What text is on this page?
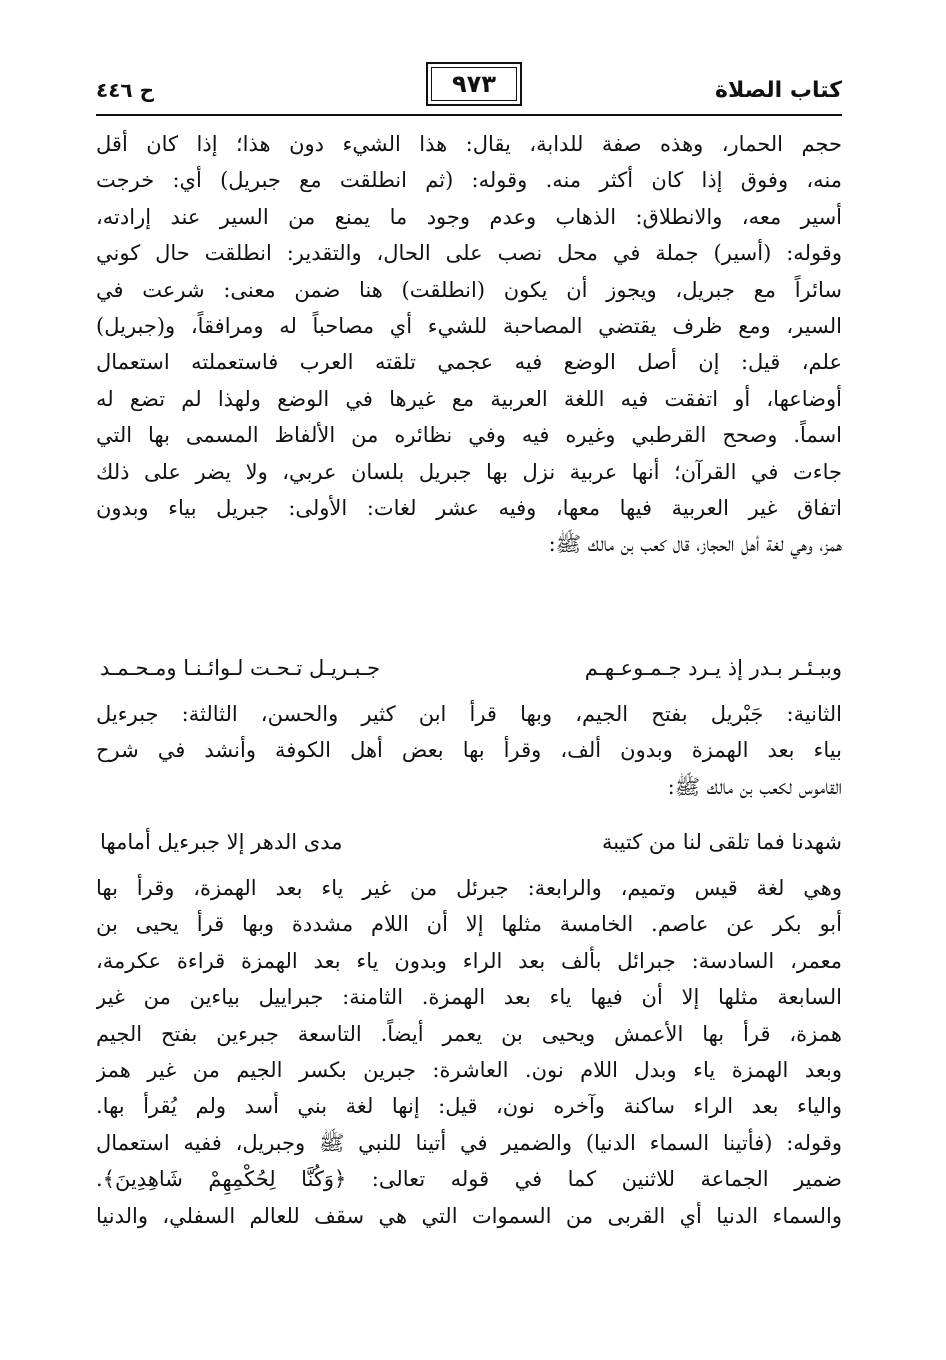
كتاب الصلاة
٩٧٣
ح ٤٤٦
حجم الحمار، وهذه صفة للدابة، يقال: هذا الشيء دون هذا؛ إذا كان أقل
منه، وفوق إذا كان أكثر منه. وقوله: (ثم انطلقت مع جبريل) أي: خرجت
أسير معه، والانطلاق: الذهاب وعدم وجود ما يمنع من السير عند إرادته،
وقوله: (أسير) جملة في محل نصب على الحال، والتقدير: انطلقت حال كوني
سائراً مع جبريل، ويجوز أن يكون (انطلقت) هنا ضمن معنى: شرعت في
السير، ومع ظرف يقتضي المصاحبة للشيء أي مصاحباً له ومرافقاً، و(جبريل)
علم، قيل: إن أصل الوضع فيه عجمي تلقته العرب فاستعملته استعمال
أوضاعها، أو اتفقت فيه اللغة العربية مع غيرها في الوضع ولهذا لم تضع له
اسماً. وصحح القرطبي وغيره فيه وفي نظائره من الألفاظ المسمى بها التي
جاءت في القرآن؛ أنها عربية نزل بها جبريل بلسان عربي، ولا يضر على ذلك
اتفاق غير العربية فيها معها، وفيه عشر لغات: الأولى: جبريل بياء وبدون
همز، وهي لغة أهل الحجاز، قال كعب بن مالك ﷺ:
وببـئـر بـدر إذ يـرد جـمـوعـهـم
جـبـريـل تـحـت لـوائـنـا ومـحـمـد
الثانية: جَبْريل بفتح الجيم، وبها قرأ ابن كثير والحسن، الثالثة: جبرءيل
بياء بعد الهمزة وبدون ألف، وقرأ بها بعض أهل الكوفة وأنشد في شرح
القاموس لكعب بن مالك ﷺ:
شهدنا فما تلقى لنا من كتيبة
مدى الدهر إلا جبرءيل أمامها
وهي لغة قيس وتميم، والرابعة: جبرئل من غير ياء بعد الهمزة، وقرأ بها
أبو بكر عن عاصم. الخامسة مثلها إلا أن اللام مشددة وبها قرأ يحيى بن
معمر، السادسة: جبرائل بألف بعد الراء وبدون ياء بعد الهمزة قراءة عكرمة،
السابعة مثلها إلا أن فيها ياء بعد الهمزة. الثامنة: جبراييل بياءين من غير
همزة، قرأ بها الأعمش ويحيى بن يعمر أيضاً. التاسعة جبرءين بفتح الجيم
وبعد الهمزة ياء وبدل اللام نون. العاشرة: جبرين بكسر الجيم من غير همز
والياء بعد الراء ساكنة وآخره نون، قيل: إنها لغة بني أسد ولم يُقرأ بها.
وقوله: (فأتينا السماء الدنيا) والضمير في أتينا للنبي ﷺ وجبريل، ففيه استعمال
ضمير الجماعة للاثنين كما في قوله تعالى: ﴿وَكُنَّا لِحُكْمِهِمْ شَاهِدِينَ﴾.
والسماء الدنيا أي القربى من السموات التي هي سقف للعالم السفلي، والدنيا
